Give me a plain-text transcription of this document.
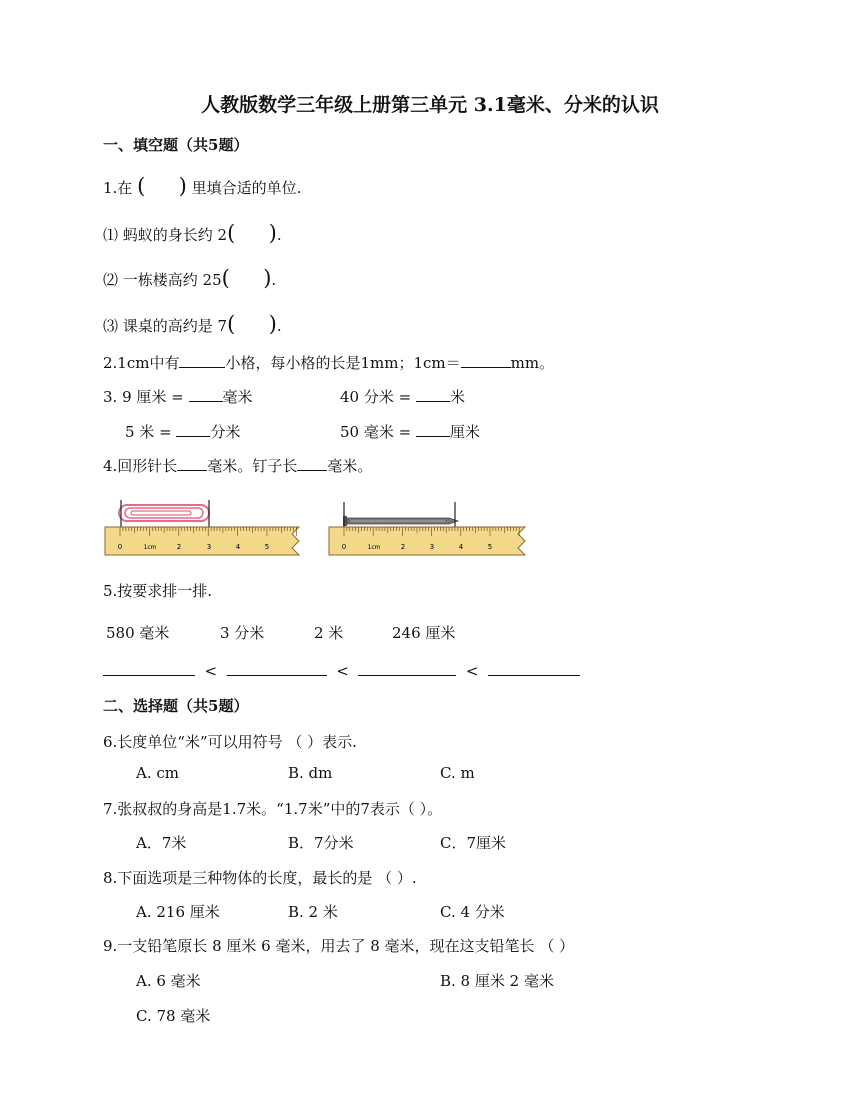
人教版数学三年级上册第三单元 3.1毫米、分米的认识
一、填空题（共5题）
1.在 (     ) 里填合适的单位.
⑴ 蚂蚁的身长约 2(     ).
⑵ 一栋楼高约 25(     ).
⑶ 课桌的高约是 7(     ).
2.1cm中有	小格，每小格的长是1mm；1cm＝	mm。
3. 9 厘米 =	毫米	40 分米 =	米
5 米 =	分米	50 毫米 =	厘米
4.回形针长 毫米。钉子长 毫米。
0	1cm	2	3	4	5	0	1cm	2	3	4	5
5.按要求排一排.
580 毫米	3 分米	2 米	246 厘米
<	<	<
二、选择题（共5题）
6.长度单位“米”可以用符号 （ ）表示.
A. cm	B. dm	C. m
7.张叔叔的身高是1.7米。“1.7米”中的7表示（ ）。
A．7米	B．7分米	C．7厘米
8.下面选项是三种物体的长度，最长的是 （ ）.
A. 216 厘米	B. 2 米	C. 4 分米
9.一支铅笔原长 8 厘米 6 毫米，用去了 8 毫米，现在这支铅笔长 （ ）
A. 6 毫米	B. 8 厘米 2 毫米
C. 78 毫米
